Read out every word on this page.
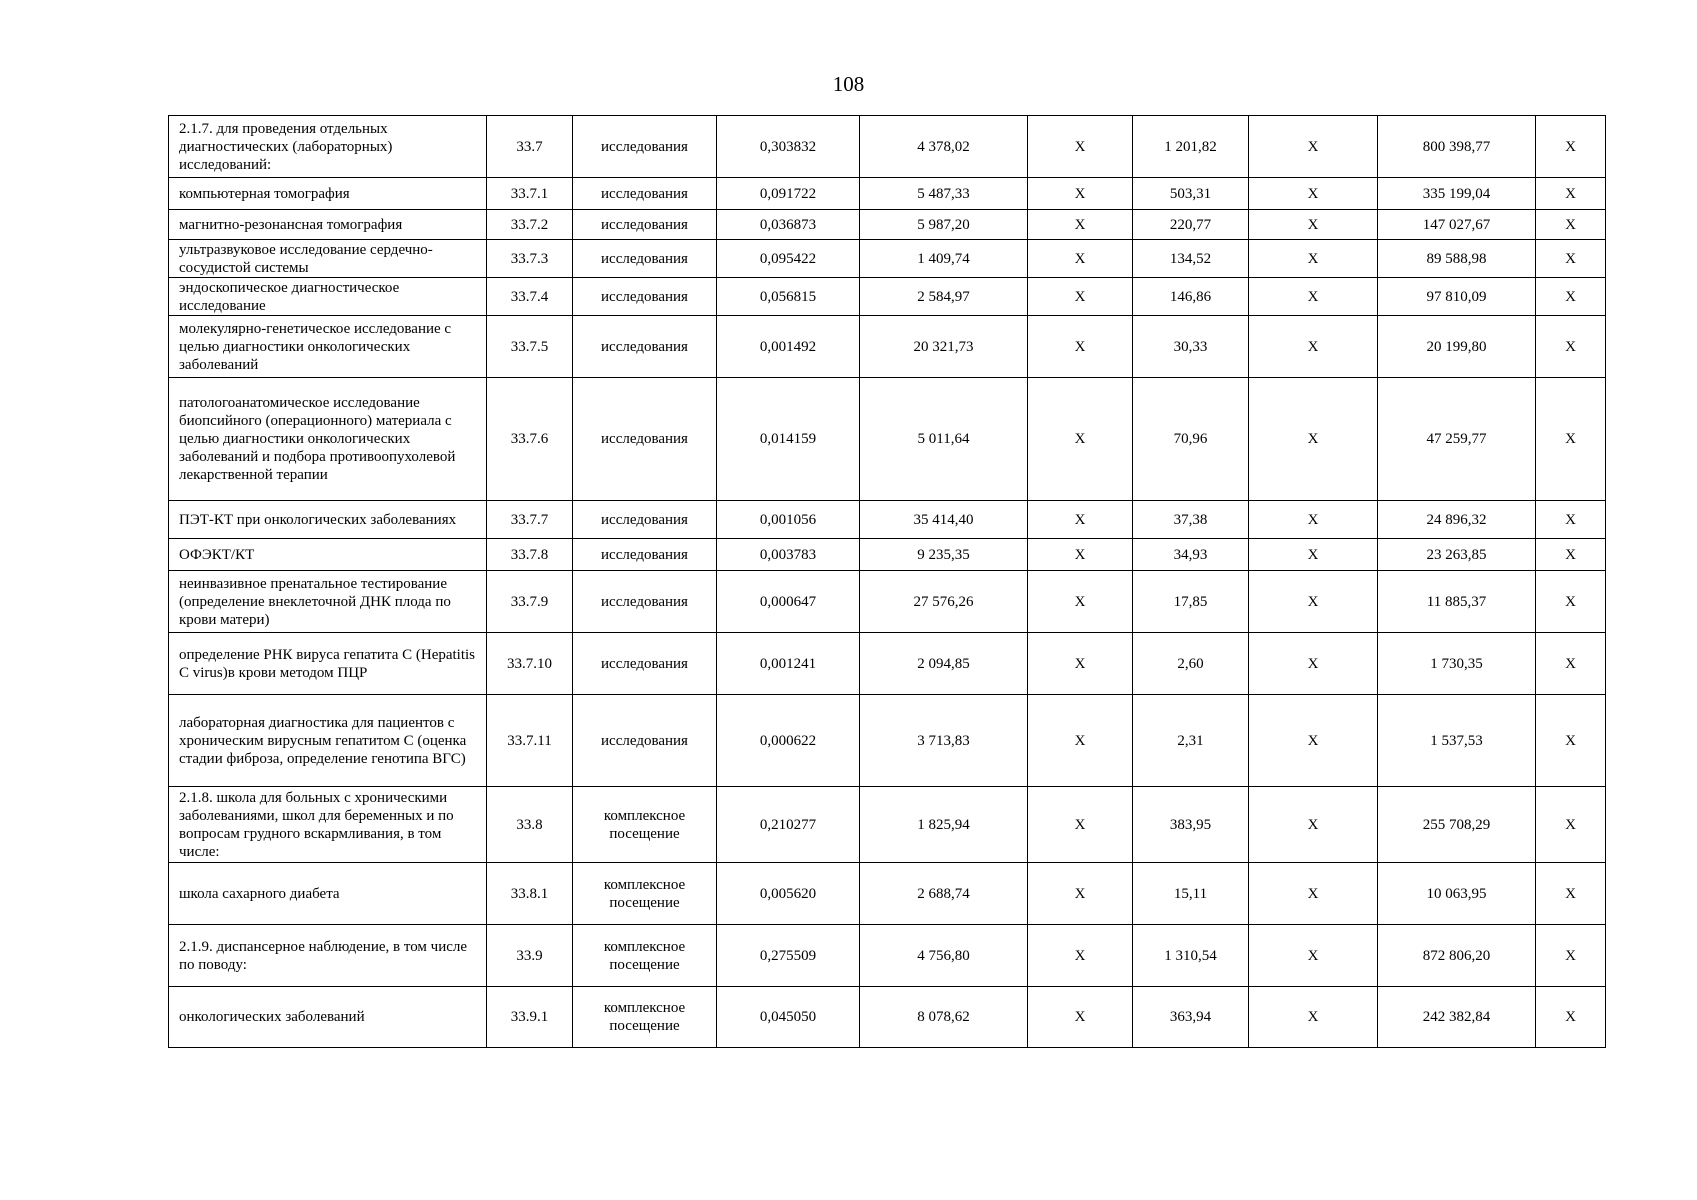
108
2.1.7. для проведения отдельных диагностических (лабораторных) исследований:	33.7	исследования	0,303832	4 378,02	Х	1 201,82	Х	800 398,77	Х
компьютерная томография	33.7.1	исследования	0,091722	5 487,33	Х	503,31	Х	335 199,04	Х
магнитно-резонансная томография	33.7.2	исследования	0,036873	5 987,20	Х	220,77	Х	147 027,67	Х
ультразвуковое исследование сердечно-сосудистой системы	33.7.3	исследования	0,095422	1 409,74	Х	134,52	Х	89 588,98	Х
эндоскопическое диагностическое исследование	33.7.4	исследования	0,056815	2 584,97	Х	146,86	Х	97 810,09	Х
молекулярно-генетическое исследование с целью диагностики онкологических заболеваний	33.7.5	исследования	0,001492	20 321,73	Х	30,33	Х	20 199,80	Х
патологоанатомическое исследование биопсийного (операционного) материала с целью диагностики онкологических заболеваний и подбора противоопухолевой лекарственной терапии	33.7.6	исследования	0,014159	5 011,64	Х	70,96	Х	47 259,77	Х
ПЭТ-КТ при онкологических заболеваниях	33.7.7	исследования	0,001056	35 414,40	Х	37,38	Х	24 896,32	Х
ОФЭКТ/КТ	33.7.8	исследования	0,003783	9 235,35	Х	34,93	Х	23 263,85	Х
неинвазивное пренатальное тестирование (определение внеклеточной ДНК плода по крови матери)	33.7.9	исследования	0,000647	27 576,26	Х	17,85	Х	11 885,37	Х
определение РНК вируса гепатита С (Hepatitis C virus)в крови методом ПЦР	33.7.10	исследования	0,001241	2 094,85	Х	2,60	Х	1 730,35	Х
лабораторная диагностика для пациентов с хроническим вирусным гепатитом С (оценка стадии фиброза, определение генотипа ВГС)	33.7.11	исследования	0,000622	3 713,83	Х	2,31	Х	1 537,53	Х
2.1.8. школа для больных с хроническими заболеваниями, школ для беременных и по вопросам грудного вскармливания, в том числе:	33.8	комплексное посещение	0,210277	1 825,94	Х	383,95	Х	255 708,29	Х
школа сахарного диабета	33.8.1	комплексное посещение	0,005620	2 688,74	Х	15,11	Х	10 063,95	Х
2.1.9. диспансерное наблюдение, в том числе по поводу:	33.9	комплексное посещение	0,275509	4 756,80	Х	1 310,54	Х	872 806,20	Х
онкологических заболеваний	33.9.1	комплексное посещение	0,045050	8 078,62	Х	363,94	Х	242 382,84	Х
